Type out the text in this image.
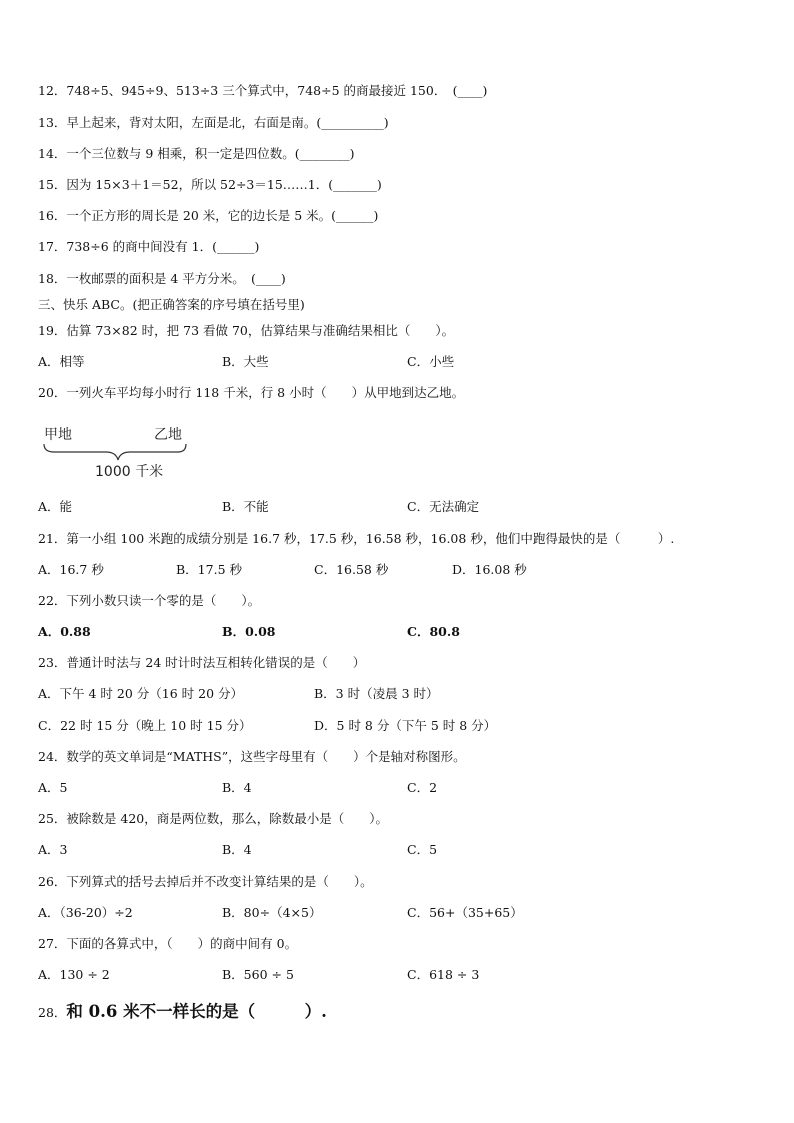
12．748÷5、945÷9、513÷3 三个算式中，748÷5 的商最接近 150．　(____)
13．早上起来，背对太阳，左面是北，右面是南。(__________)
14．一个三位数与 9 相乘，积一定是四位数。(________)
15．因为 15×3＋1＝52，所以 52÷3＝15……1．(_______)
16．一个正方形的周长是 20 米，它的边长是 5 米。(______)
17．738÷6 的商中间没有 1．(______)
18．一枚邮票的面积是 4 平方分米。　(____)
三、快乐 ABC。(把正确答案的序号填在括号里)
19．估算 73×82 时，把 73 看做 70，估算结果与准确结果相比（　　）。
A．相等	B．大些	C．小些
20．一列火车平均每小时行 118 千米，行 8 小时（　　）从甲地到达乙地。
甲地	乙地
1000 千米
A．能	B．不能	C．无法确定
21．第一小组 100 米跑的成绩分别是 16.7 秒，17.5 秒，16.58 秒，16.08 秒，他们中跑得最快的是（　　　）.
A．16.7 秒	B．17.5 秒	C．16.58 秒	D．16.08 秒
22．下列小数只读一个零的是（　　）。
A．0.88	B．0.08	C．80.8
23．普通计时法与 24 时计时法互相转化错误的是（　　）
A．下午 4 时 20 分（16 时 20 分）	B．3 时（凌晨 3 时）
C．22 时 15 分（晚上 10 时 15 分）	D．5 时 8 分（下午 5 时 8 分）
24．数学的英文单词是“MATHS”，这些字母里有（　　）个是轴对称图形。
A．5	B．4	C．2
25．被除数是 420，商是两位数，那么，除数最小是（　　）。
A．3	B．4	C．5
26．下列算式的括号去掉后并不改变计算结果的是（　　）。
A．（36-20）÷2	B．80÷（4×5）	C．56+（35+65）
27．下面的各算式中，（　　）的商中间有 0。
A．130 ÷ 2	B．560 ÷ 5	C．618 ÷ 3
28．和 0.6 米不一样长的是（　　　）.
